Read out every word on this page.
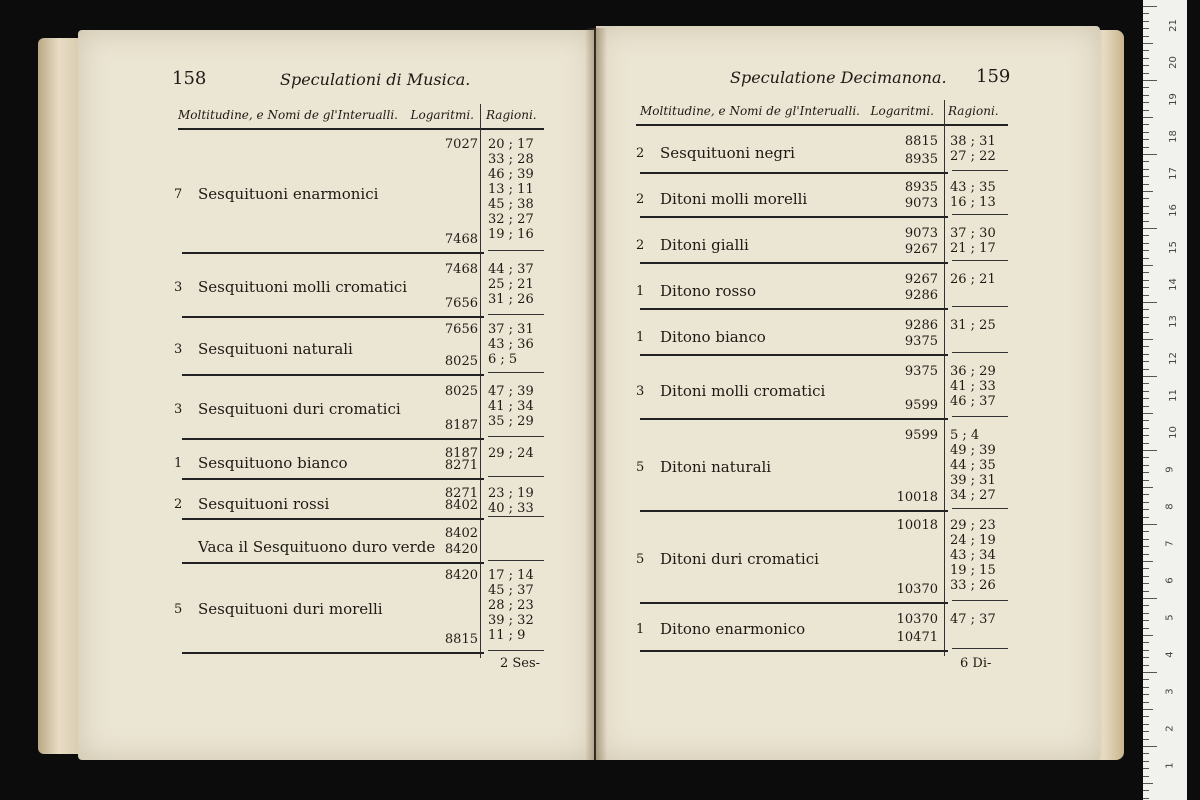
158	Speculationi di Musica.
Moltitudine, e Nomi de gl'Interualli. Logaritmi. Ragioni.
7 Sesquituoni enarmonici
7027
7468
20 ; 17
33 ; 28
46 ; 39
13 ; 11
45 ; 38
32 ; 27
19 ; 16
3 Sesquituoni molli cromatici
7468
7656
44 ; 37
25 ; 21
31 ; 26
3 Sesquituoni naturali
7656
8025
37 ; 31
43 ; 36
6 ; 5
3 Sesquituoni duri cromatici
8025
8187
47 ; 39
41 ; 34
35 ; 29
1 Sesquituono bianco
8187
8271
29 ; 24
2 Sesquituoni rossi
8271
8402
23 ; 19
40 ; 33
Vaca il Sesquituono duro verde
8402
8420
5 Sesquituoni duri morelli
8420
8815
17 ; 14
45 ; 37
28 ; 23
39 ; 32
11 ; 9
2 Ses-
159
Speculatione Decimanona.
Moltitudine, e Nomi de gl'Interualli. Logaritmi. Ragioni.
2 Sesquituoni negri
8815
8935
38 ; 31
27 ; 22
2 Ditoni molli morelli
8935
9073
43 ; 35
16 ; 13
2 Ditoni gialli
9073
9267
37 ; 30
21 ; 17
1 Ditono rosso
9267
9286
26 ; 21
1 Ditono bianco
9286
9375
31 ; 25
3 Ditoni molli cromatici
9375
9599
36 ; 29
41 ; 33
46 ; 37
5 Ditoni naturali
9599
10018
5 ; 4
49 ; 39
44 ; 35
39 ; 31
34 ; 27
5 Ditoni duri cromatici
10018
10370
29 ; 23
24 ; 19
43 ; 34
19 ; 15
33 ; 26
1 Ditono enarmonico
10370
10471
47 ; 37
6 Di-
21
20
19
18
17
16
15
14
13
12
11
10
9
8
7
6
5
4
3
2
1
